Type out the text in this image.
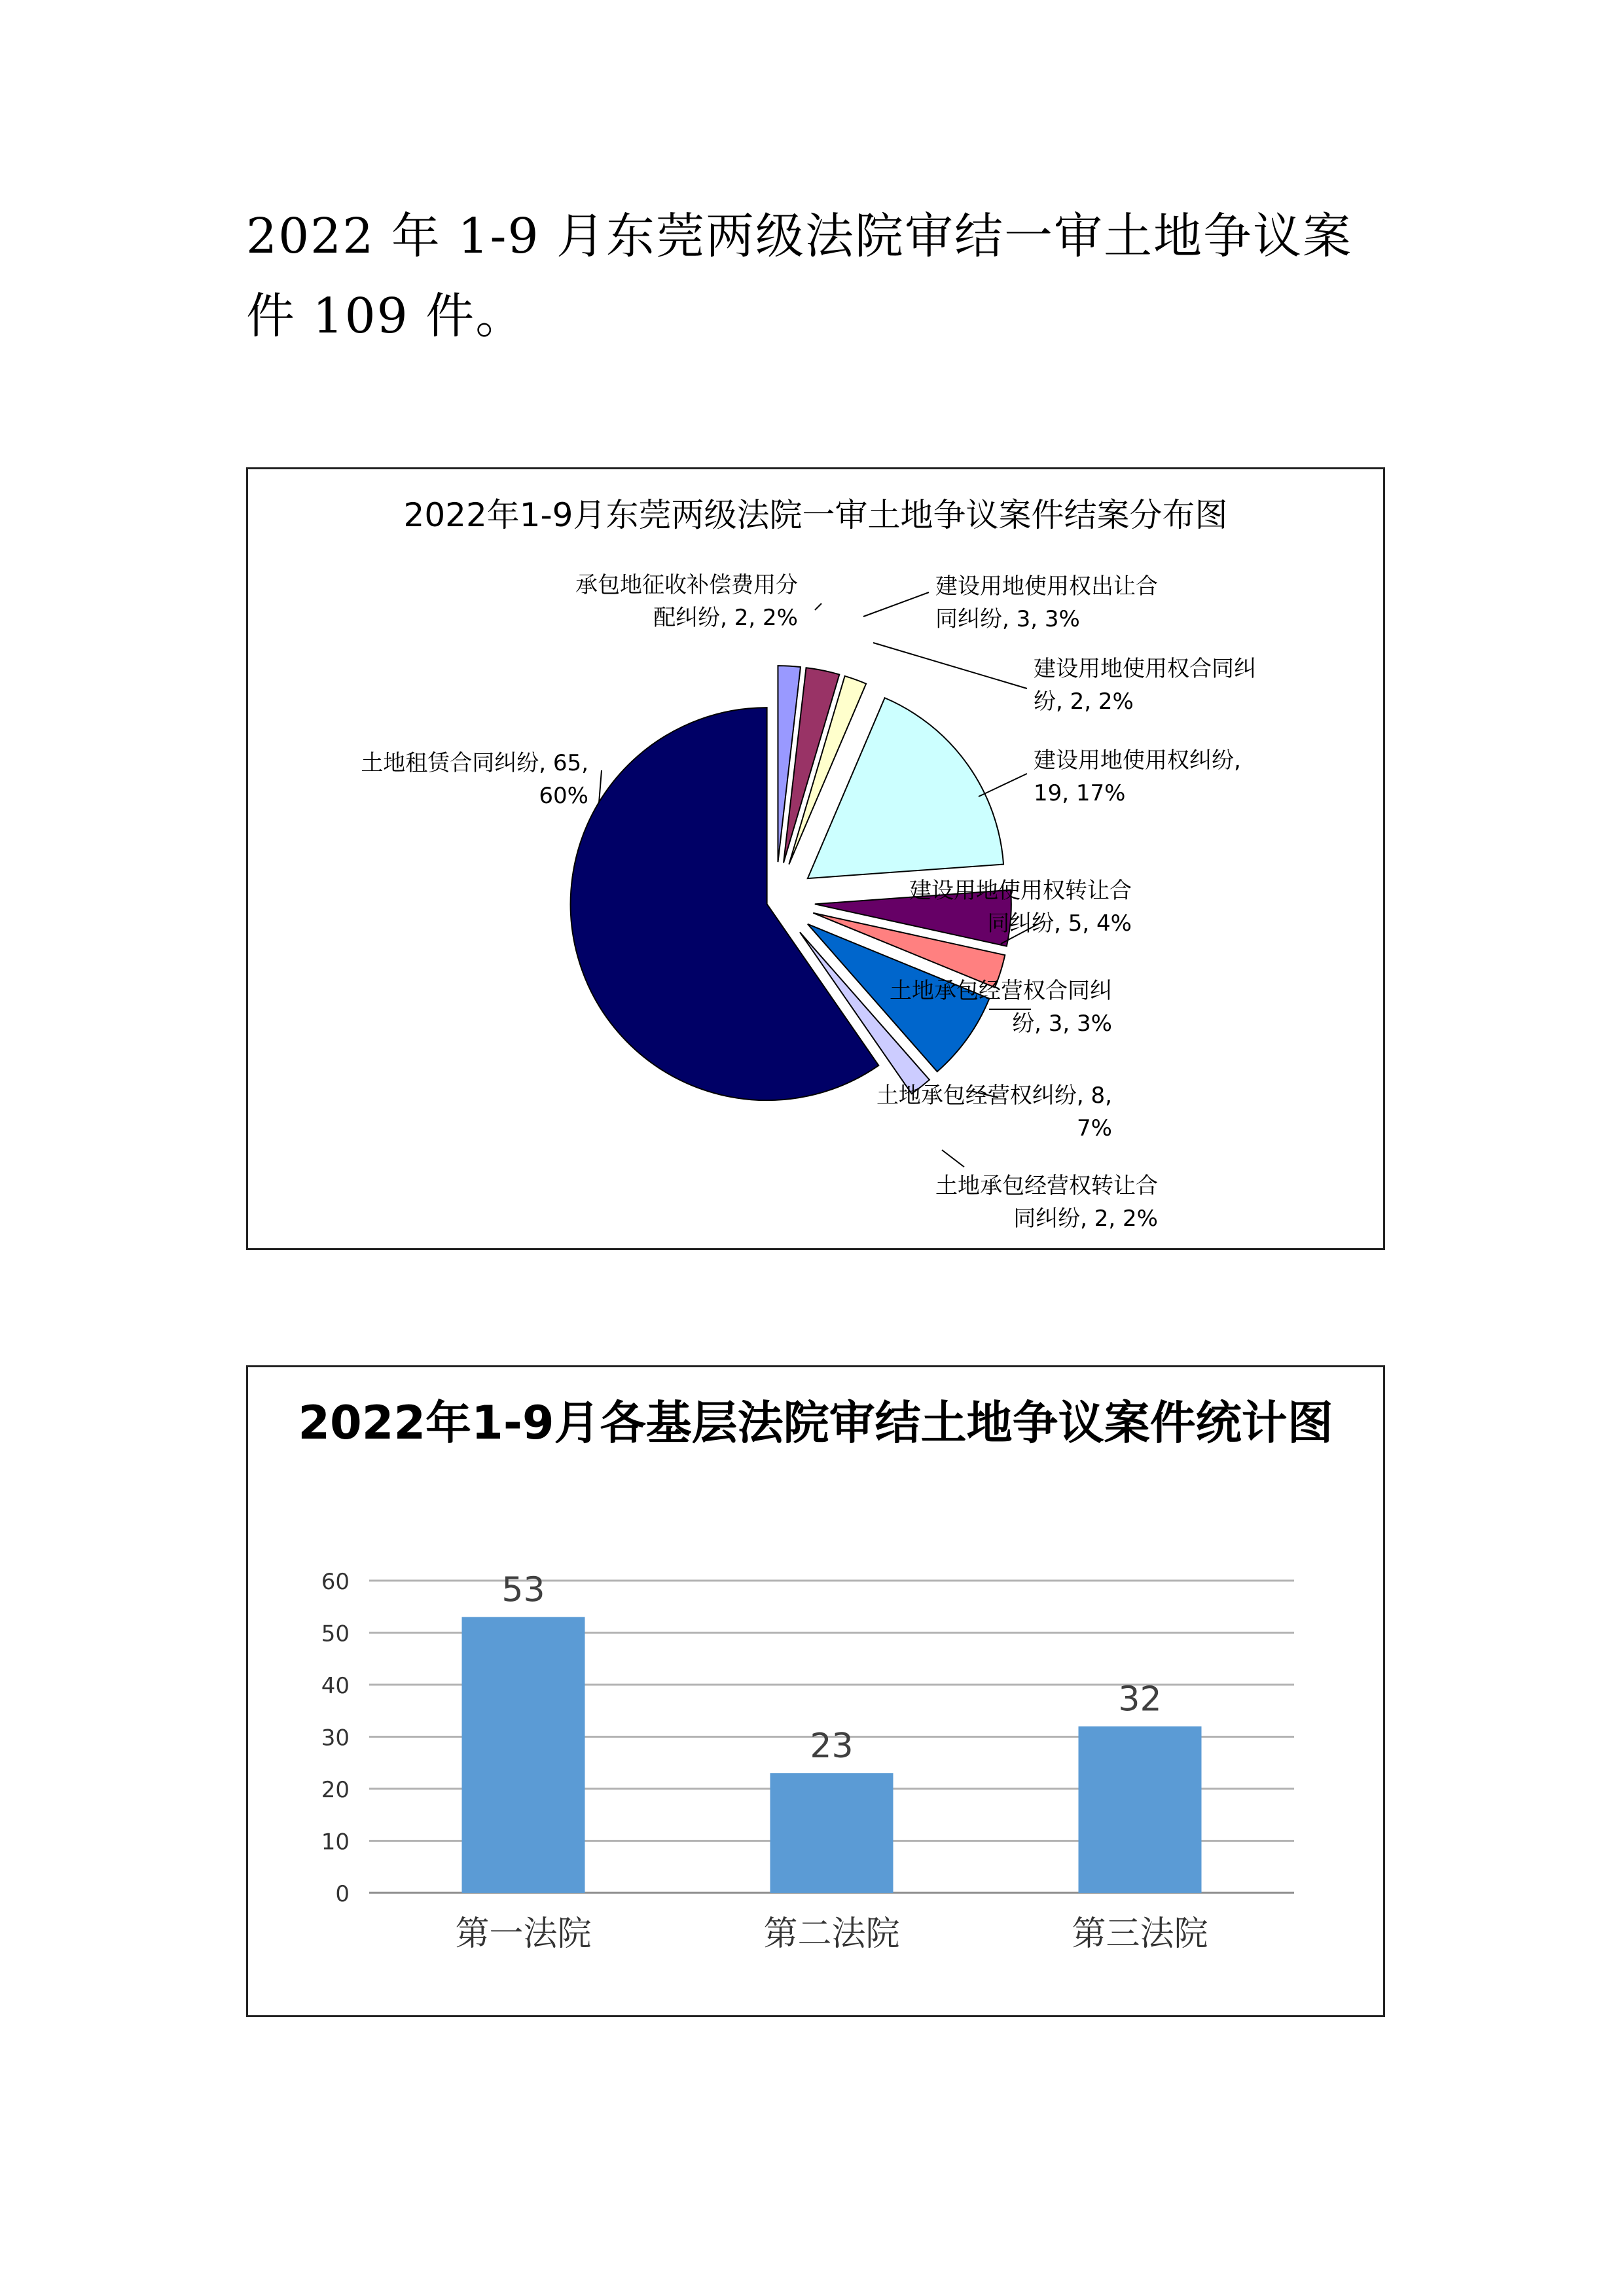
2022 年 1-9 月东莞两级法院审结一审土地争议案件 109 件。
2022年1-9月东莞两级法院一审土地争议案件结案分布图
土地租赁合同纠纷, 65,
60%
承包地征收补偿费用分
配纠纷, 2, 2%
建设用地使用权出让合
同纠纷, 3, 3%
建设用地使用权合同纠
纷, 2, 2%
建设用地使用权纠纷,
19, 17%
建设用地使用权转让合
同纠纷, 5, 4%
土地承包经营权合同纠
纷, 3, 3%
土地承包经营权纠纷, 8,
7%
土地承包经营权转让合
同纠纷, 2, 2%
2022年1-9月各基层法院审结土地争议案件统计图
0
10
20
30
40
50
60	53
第一法院
23
第二法院
32
第三法院
